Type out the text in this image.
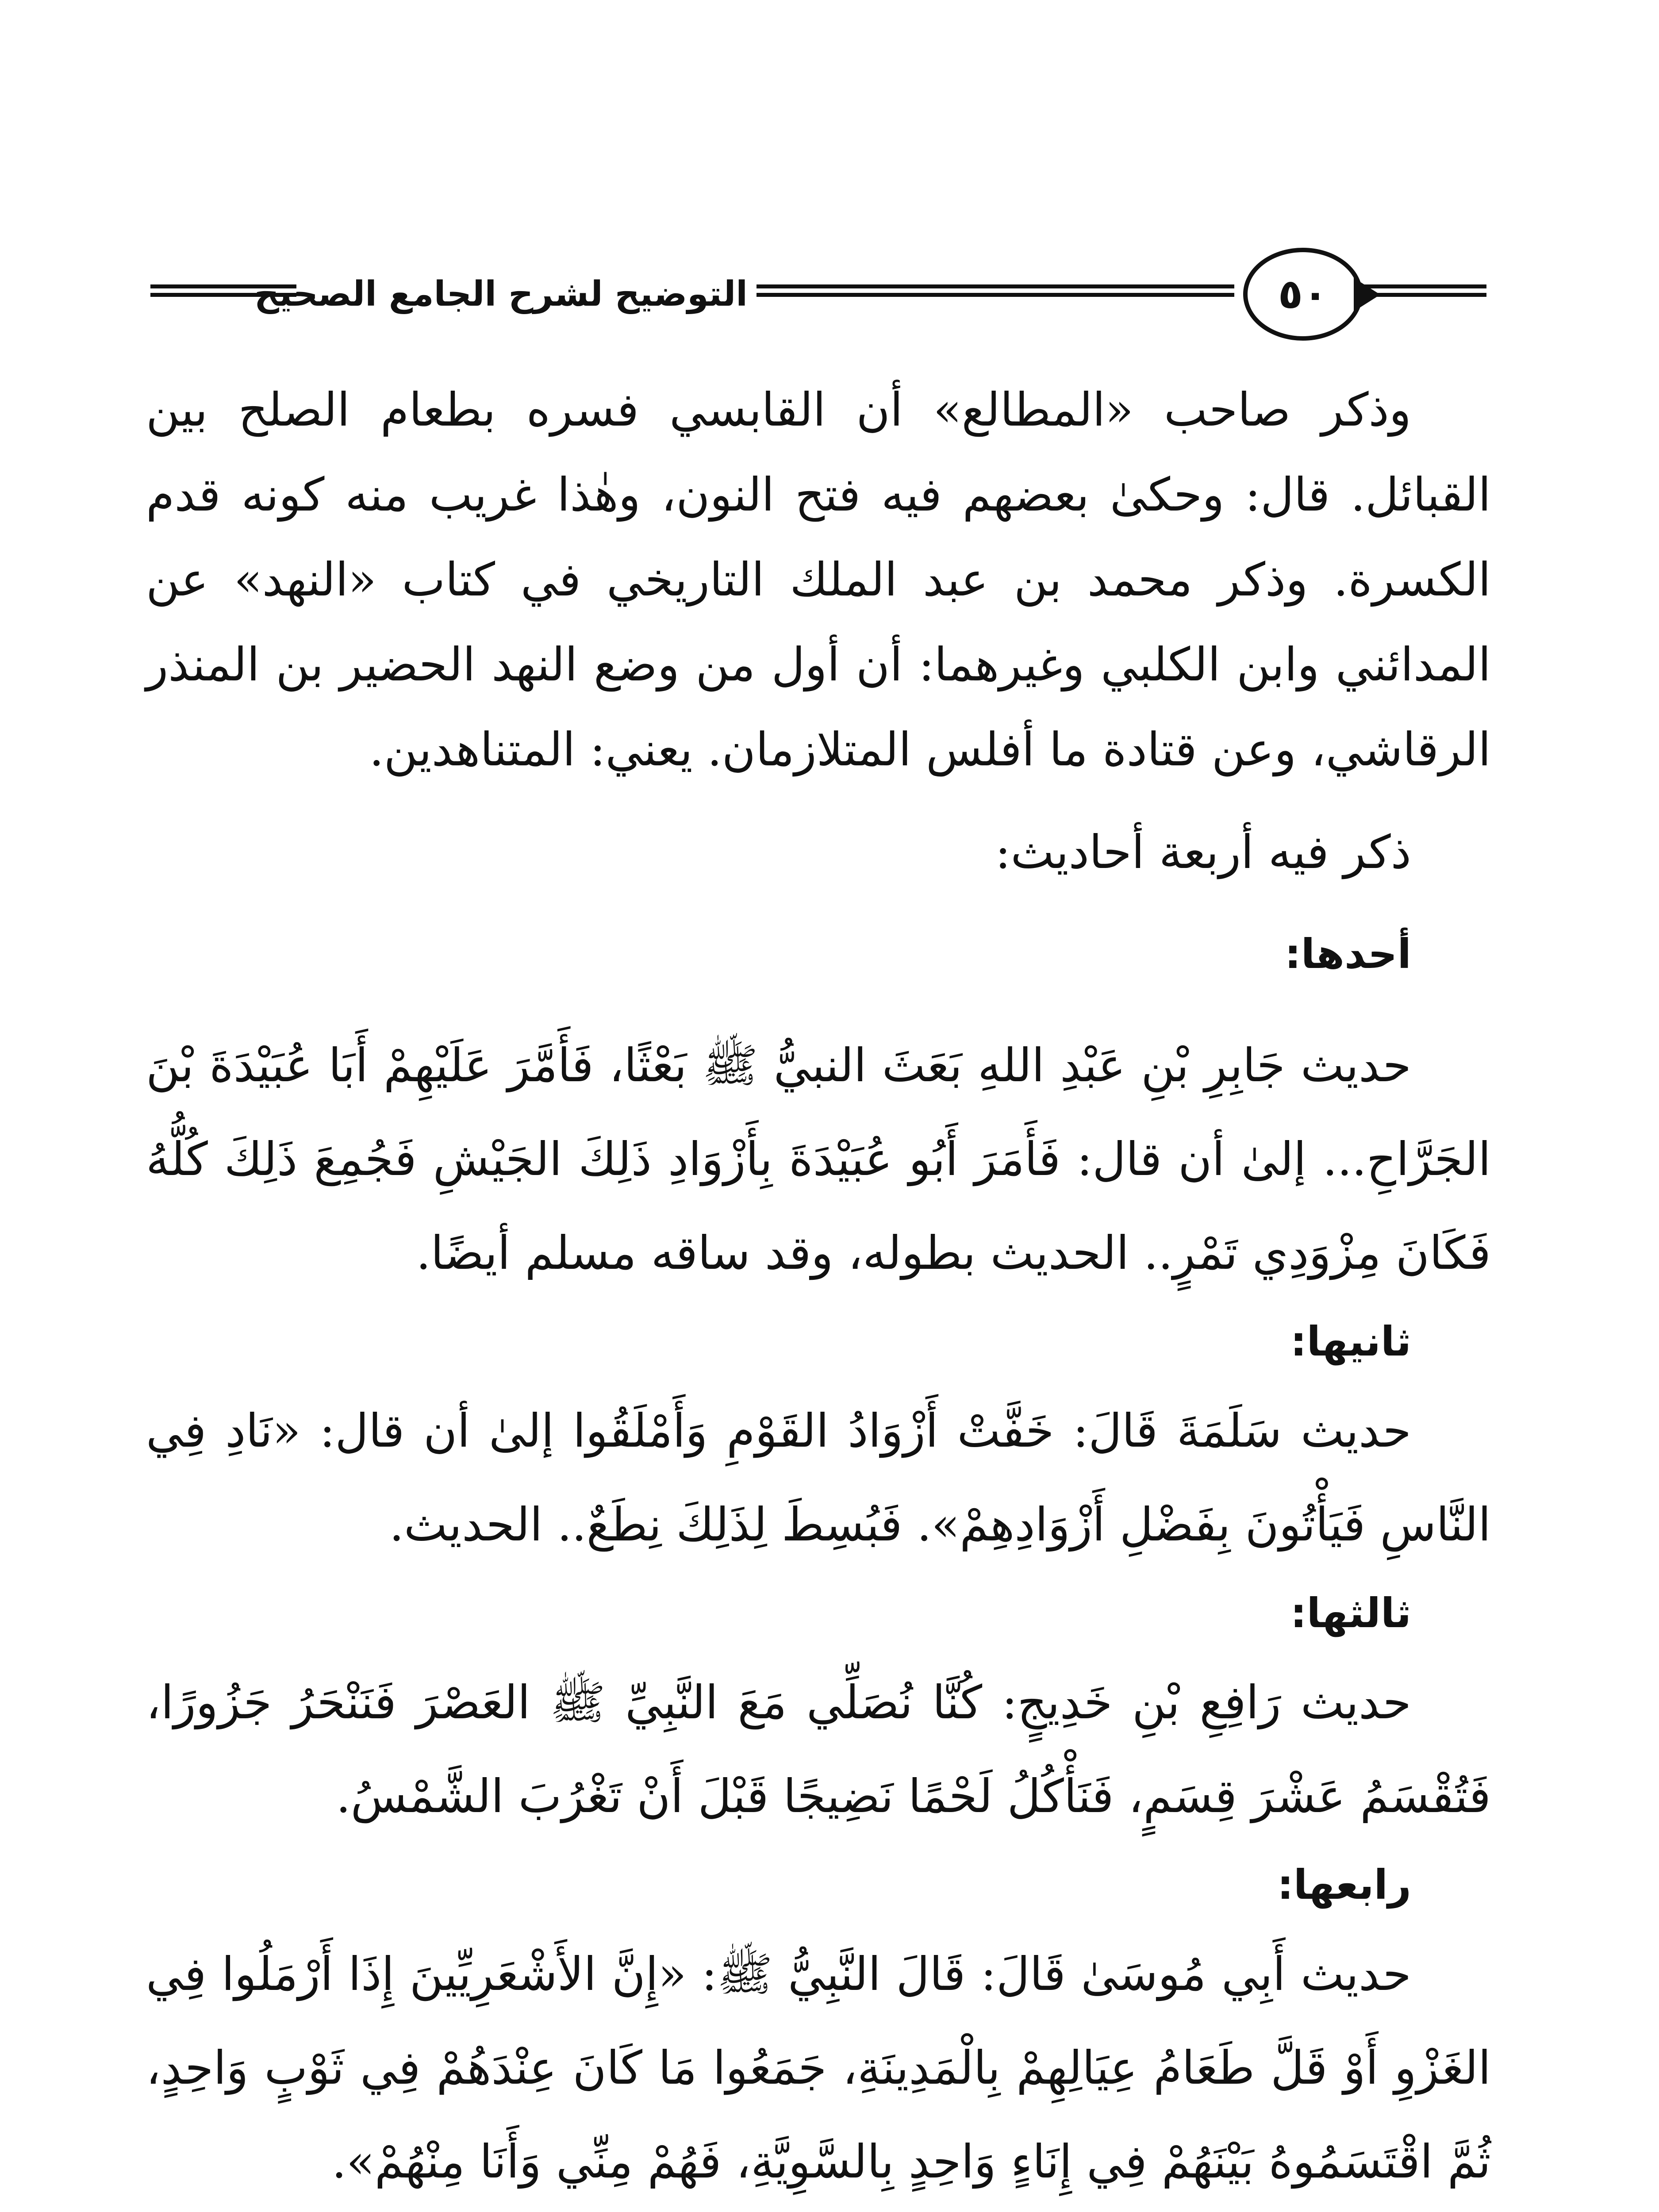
التوضيح لشرح الجامع الصحيح	٥٠

وذكر صاحب «المطالع» أن القابسي فسره بطعام الصلح بين القبائل. قال: وحكىٰ بعضهم فيه فتح النون، وهٰذا غريب منه كونه قدم الكسرة. وذكر محمد بن عبد الملك التاريخي في كتاب «النهد» عن المدائني وابن الكلبي وغيرهما: أن أول من وضع النهد الحضير بن المنذر الرقاشي، وعن قتادة ما أفلس المتلازمان. يعني: المتناهدين.

ذكر فيه أربعة أحاديث:

أحدها:

حديث جَابِرِ بْنِ عَبْدِ اللهِ بَعَثَ النبيُّ ﷺ بَعْثًا، فَأَمَّرَ عَلَيْهِمْ أَبَا عُبَيْدَةَ بْنَ الجَرَّاحِ... إلىٰ أن قال: فَأَمَرَ أَبُو عُبَيْدَةَ بِأَزْوَادِ ذَلِكَ الجَيْشِ فَجُمِعَ ذَلِكَ كُلُّهُ فَكَانَ مِزْوَدِي تَمْرٍ.. الحديث بطوله، وقد ساقه مسلم أيضًا.

ثانيها:

حديث سَلَمَةَ قَالَ: خَفَّتْ أَزْوَادُ القَوْمِ وَأَمْلَقُوا إلىٰ أن قال: «نَادِ فِي النَّاسِ فَيَأْتُونَ بِفَضْلِ أَزْوَادِهِمْ». فَبُسِطَ لِذَلِكَ نِطَعٌ.. الحديث.

ثالثها:

حديث رَافِعِ بْنِ خَدِيجٍ: كُنَّا نُصَلِّي مَعَ النَّبِيِّ ﷺ العَصْرَ فَنَنْحَرُ جَزُورًا، فَتُقْسَمُ عَشْرَ قِسَمٍ، فَنَأْكُلُ لَحْمًا نَضِيجًا قَبْلَ أَنْ تَغْرُبَ الشَّمْسُ.

رابعها:

حديث أَبِي مُوسَىٰ قَالَ: قَالَ النَّبِيُّ ﷺ: «إِنَّ الأَشْعَرِيِّينَ إِذَا أَرْمَلُوا فِي الغَزْوِ أَوْ قَلَّ طَعَامُ عِيَالِهِمْ بِالْمَدِينَةِ، جَمَعُوا مَا كَانَ عِنْدَهُمْ فِي ثَوْبٍ وَاحِدٍ، ثُمَّ اقْتَسَمُوهُ بَيْنَهُمْ فِي إِنَاءٍ وَاحِدٍ بِالسَّوِيَّةِ، فَهُمْ مِنِّي وَأَنَا مِنْهُمْ».
